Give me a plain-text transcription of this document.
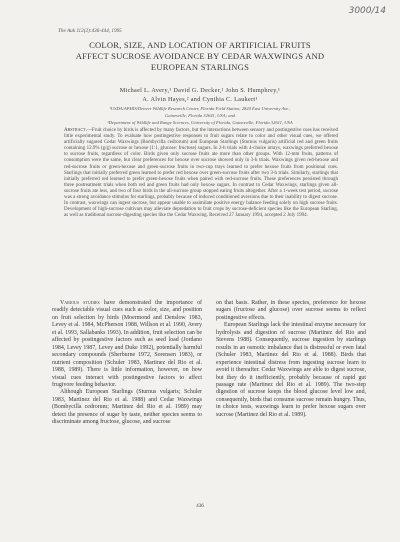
3000/14
The Auk 112(2):436-444, 1995
COLOR, SIZE, AND LOCATION OF ARTIFICIAL FRUITS
AFFECT SUCROSE AVOIDANCE BY CEDAR WAXWINGS AND
EUROPEAN STARLINGS
Michael L. Avery,¹ David G. Decker,¹ John S. Humphrey,¹
A. Alvin Hayes,² and Cynthia C. Laukert¹
¹USDA/APHIS/Denver Wildlife Research Center, Florida Field Station, 2820 East University Ave.,
Gainesville, Florida 32641, USA; and
²Department of Wildlife and Range Sciences, University of Florida, Gainesville, Florida 32611, USA
Abstract.—Fruit choice by birds is affected by many factors, but the interactions between sensory and postingestive cues has received little experimental study. To evaluate how postingestive responses to fruit sugars relate to color and other visual cues, we offered artificially sugared Cedar Waxwings (Bombycilla cedrorum) and European Starlings (Sturnus vulgaris) artificial red and green fruits containing 12.9% (g/g) sucrose or hexose (1:1, glucose: fructose) sugars. In 2-h trials with 4-choice arrays, waxwings preferred hexose to sucrose fruits, regardless of color. Birds given only sucrose fruits ate more than other groups. With 12-mm fruits, patterns of consumption were the same, but clear preferences for hexose over sucrose showed only in 3-h trials. Waxwings given red-hexose and red-sucrose fruits or green-hexose and green-sucrose fruits in two-cup trays learned to prefer hexose fruits from positional cues. Starlings that initially preferred green learned to prefer red hexose over green-sucrose fruits after two 3-h trials. Similarly, starlings that initially preferred red learned to prefer green-hexose fruits when paired with red-sucrose fruits. These preferences persisted through three postreatment trials when both red and green fruits had only hexose sugars. In contrast to Cedar Waxwings, starlings given all-sucrose fruits ate less, and two of four birds in the all-sucrose group stopped eating fruits altogether. After a 1-week test period, sucrose was a strong avoidance stimulus for starlings, probably because of induced conditioned aversions due to their inability to digest sucrose. In contrast, waxwings can ingest sucrose, but appear unable to assimilate positive energy balance feeding solely on high sucrose fruits. Development of high-sucrose cultivars may alleviate depredation to fruit crops by sucrose-deficient species like the European Starling, as well as traditional sucrose-digesting species like the Cedar Waxwing. Received 27 January 1994, accepted 2 July 1994.

Various studies have demonstrated the importance of readily detectable visual cues such as color, size, and position on fruit selection by birds (Moermond and Denslow 1983, Levey et al. 1984, McPherson 1988, Willson et al. 1990, Avery et al. 1993, Sallabanks 1993). In addition, fruit selection can be affected by postingestive factors such as seed load (Jordano 1984, Levey 1987, Levey and Duke 1992), potentially harmful secondary compounds (Sherburne 1972, Sorensen 1983), or nutrient composition (Schuler 1983, Martinez del Rio et al. 1988, 1989). There is little information, however, on how visual cues interact with postingestive factors to affect frugivore feeding behavior.

Although European Starlings (Sturnus vulgaris; Schuler 1983, Martinez del Rio et al. 1988) and Cedar Waxwings (Bombycilla cedrorum; Martinez del Rio et al. 1989) may detect the presence of sugar by taste, neither species seems to discriminate among fructose, glucose, and sucrose

on that basis. Rather, in these species, preference for hexose sugars (fructose and glucose) over sucrose seems to reflect postingestive effects.

European Starlings lack the intestinal enzyme necessary for hydrolysis and digestion of sucrose (Martinez del Rio and Stevens 1988). Consequently, sucrose ingestion by starlings results in an osmotic imbalance that is distressful or even fatal (Schuler 1983, Martinez del Rio et al. 1988). Birds that experience intestinal distress from ingesting sucrose learn to avoid it thereafter. Cedar Waxwings are able to digest sucrose, but they do it inefficiently, probably because of rapid gut passage rate (Martinez del Rio et al. 1989). The two-step digestion of sucrose keeps the blood glucose level low and, consequently, birds that consume sucrose remain hungry. Thus, in choice tests, waxwings learn to prefer hexose sugars over sucrose (Martinez del Rio et al. 1989).

436
